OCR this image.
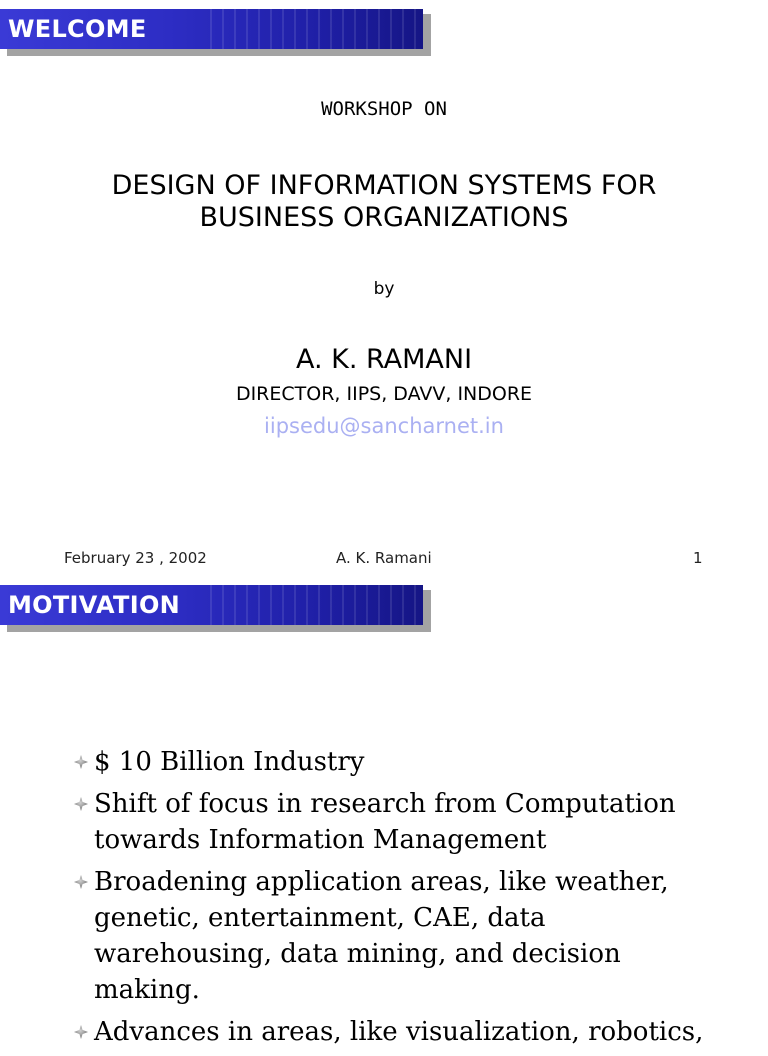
WELCOME
WORKSHOP ON
DESIGN OF INFORMATION SYSTEMS FOR
BUSINESS ORGANIZATIONS
by
A. K. RAMANI
DIRECTOR, IIPS, DAVV, INDORE
iipsedu@sancharnet.in
February 23 , 2002	A. K. Ramani	1
MOTIVATION
$ 10 Billion Industry
Shift of focus in research from Computation towards Information Management
Broadening application areas, like weather, genetic, entertainment, CAE, data warehousing, data mining, and decision making.
Advances in areas, like visualization, robotics,
